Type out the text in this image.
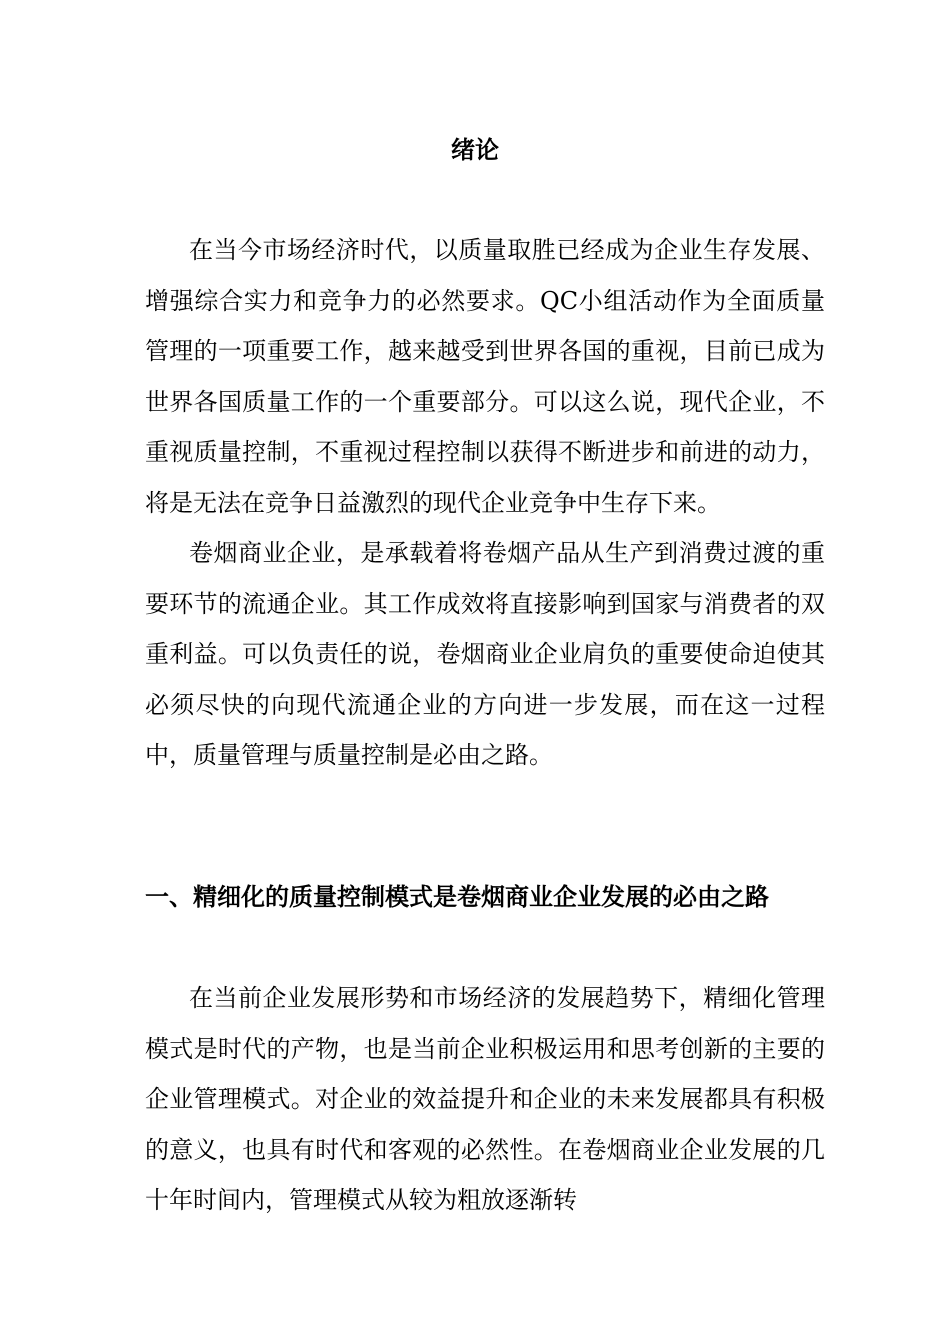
绪论

在当今市场经济时代，以质量取胜已经成为企业生存发展、增强综合实力和竞争力的必然要求。QC小组活动作为全面质量管理的一项重要工作，越来越受到世界各国的重视，目前已成为世界各国质量工作的一个重要部分。可以这么说，现代企业，不重视质量控制，不重视过程控制以获得不断进步和前进的动力，将是无法在竞争日益激烈的现代企业竞争中生存下来。

卷烟商业企业，是承载着将卷烟产品从生产到消费过渡的重要环节的流通企业。其工作成效将直接影响到国家与消费者的双重利益。可以负责任的说，卷烟商业企业肩负的重要使命迫使其必须尽快的向现代流通企业的方向进一步发展，而在这一过程中，质量管理与质量控制是必由之路。

一、精细化的质量控制模式是卷烟商业企业发展的必由之路

在当前企业发展形势和市场经济的发展趋势下，精细化管理模式是时代的产物，也是当前企业积极运用和思考创新的主要的企业管理模式。对企业的效益提升和企业的未来发展都具有积极的意义，也具有时代和客观的必然性。在卷烟商业企业发展的几十年时间内，管理模式从较为粗放逐渐转
